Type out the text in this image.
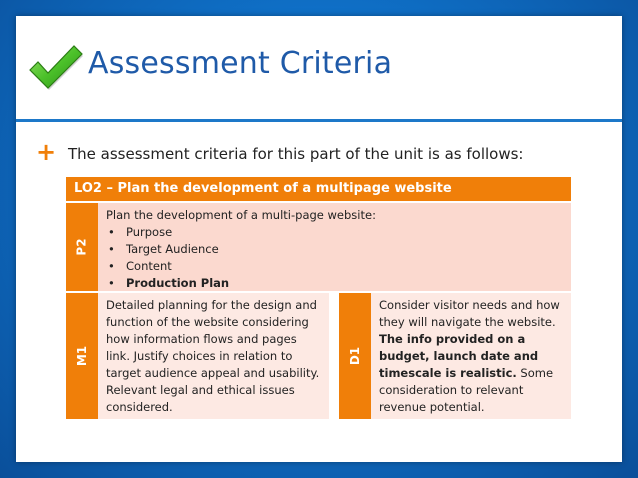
Assessment Criteria
+ The assessment criteria for this part of the unit is as follows:
LO2 – Plan the development of a multipage website
P2
Plan the development of a multi-page website:
• Purpose
• Target Audience
• Content
• Production Plan
M1
Detailed planning for the design and function of the website considering how information flows and pages link. Justify choices in relation to target audience appeal and usability. Relevant legal and ethical issues considered.
D1
Consider visitor needs and how they will navigate the website. The info provided on a budget, launch date and timescale is realistic. Some consideration to relevant revenue potential.
